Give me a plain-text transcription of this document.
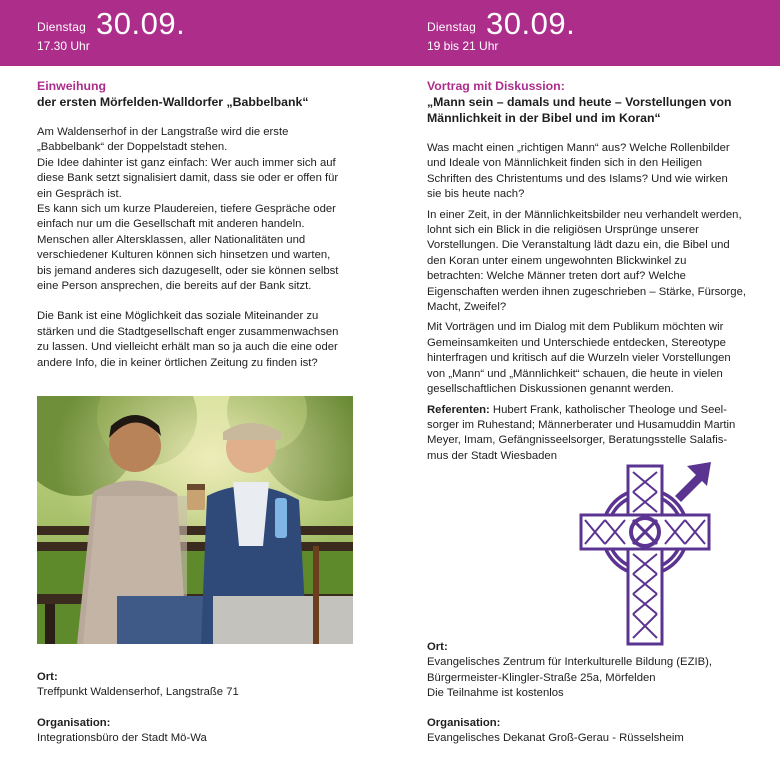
Dienstag
17.30 Uhr
30.09.	Dienstag
19 bis 21 Uhr
30.09.
Einweihung
der ersten Mörfelden-Walldorfer „Babbelbank“

Am Waldenserhof in der Langstraße wird die erste
„Babbelbank“ der Doppelstadt stehen.
Die Idee dahinter ist ganz einfach: Wer auch immer sich auf
diese Bank setzt signalisiert damit, dass sie oder er offen für
ein Gespräch ist.
Es kann sich um kurze Plaudereien, tiefere Gespräche oder
einfach nur um die Gesellschaft mit anderen handeln.
Menschen aller Altersklassen, aller Nationalitäten und
verschiedener Kulturen können sich hinsetzen und warten,
bis jemand anderes sich dazugesellt, oder sie können selbst
eine Person ansprechen, die bereits auf der Bank sitzt.

Die Bank ist eine Möglichkeit das soziale Miteinander zu
stärken und die Stadtgesellschaft enger zusammenwachsen
zu lassen. Und vielleicht erhält man so ja auch die eine oder
andere Info, die in keiner örtlichen Zeitung zu finden ist?

Ort:
Treffpunkt Waldenserhof, Langstraße 71
Organisation:
Integrationsbüro der Stadt Mö-Wa
Vortrag mit Diskussion:
„Mann sein – damals und heute – Vorstellungen von
Männlichkeit in der Bibel und im Koran“

Was macht einen „richtigen Mann“ aus? Welche Rollenbilder
und Ideale von Männlichkeit finden sich in den Heiligen
Schriften des Christentums und des Islams? Und wie wirken
sie bis heute nach?

In einer Zeit, in der Männlichkeitsbilder neu verhandelt werden,
lohnt sich ein Blick in die religiösen Ursprünge unserer
Vorstellungen. Die Veranstaltung lädt dazu ein, die Bibel und
den Koran unter einem ungewohnten Blickwinkel zu
betrachten: Welche Männer treten dort auf? Welche
Eigenschaften werden ihnen zugeschrieben – Stärke, Fürsorge,
Macht, Zweifel?

Mit Vorträgen und im Dialog mit dem Publikum möchten wir
Gemeinsamkeiten und Unterschiede entdecken, Stereotype
hinterfragen und kritisch auf die Wurzeln vieler Vorstellungen
von „Mann“ und „Männlichkeit“ schauen, die heute in vielen
gesellschaftlichen Diskussionen genannt werden.

Referenten: Hubert Frank, katholischer Theologe und Seel-
sorger im Ruhestand; Männerberater und Husamuddin Martin
Meyer, Imam, Gefängnisseelsorger, Beratungsstelle Salafis-
mus der Stadt Wiesbaden

Ort:
Evangelisches Zentrum für Interkulturelle Bildung (EZIB),
Bürgermeister-Klingler-Straße 25a, Mörfelden
Die Teilnahme ist kostenlos
Organisation:
Evangelisches Dekanat Groß-Gerau - Rüsselsheim
